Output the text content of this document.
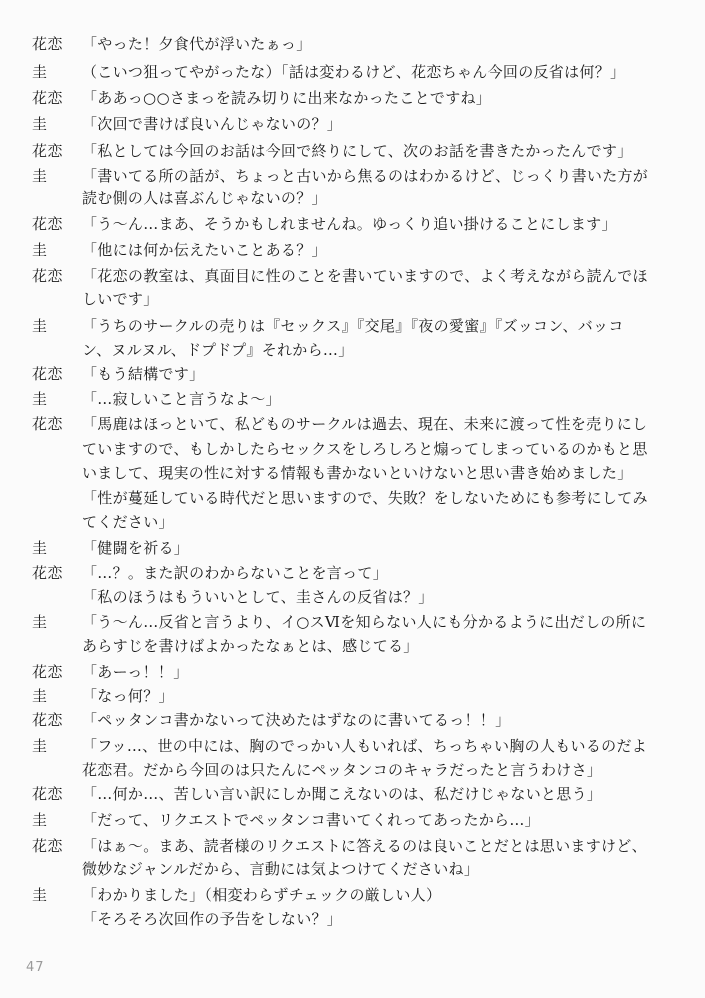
花恋	「やった！夕食代が浮いたぁっ」
圭	（こいつ狙ってやがったな）「話は変わるけど、花恋ちゃん今回の反省は何？」
花恋	「ああっ○○さまっを読み切りに出来なかったことですね」
圭	「次回で書けば良いんじゃないの？」
花恋	「私としては今回のお話は今回で終りにして、次のお話を書きたかったんです」
圭	「書いてる所の話が、ちょっと古いから焦るのはわかるけど、じっくり書いた方が
読む側の人は喜ぶんじゃないの？」
花恋	「う～ん…まあ、そうかもしれませんね。ゆっくり追い掛けることにします」
圭	「他には何か伝えたいことある？」
花恋	「花恋の教室は、真面目に性のことを書いていますので、よく考えながら読んでほ
しいです」
圭	「うちのサークルの売りは『セックス』『交尾』『夜の愛蜜』『ズッコン、バッコ
ン、ヌルヌル、ドプドプ』それから…」
花恋	「もう結構です」
圭	「…寂しいこと言うなよ～」
花恋	「馬鹿はほっといて、私どものサークルは過去、現在、未来に渡って性を売りにし
ていますので、もしかしたらセックスをしろしろと煽ってしまっているのかもと思
いまして、現実の性に対する情報も書かないといけないと思い書き始めました」
「性が蔓延している時代だと思いますので、失敗？をしないためにも参考にしてみ
てください」
圭	「健闘を祈る」
花恋	「…？。また訳のわからないことを言って」
「私のほうはもういいとして、圭さんの反省は？」
圭	「う～ん…反省と言うより、イ○スⅥを知らない人にも分かるように出だしの所に
あらすじを書けばよかったなぁとは、感じてる」
花恋	「あーっ！！」
圭	「なっ何？」
花恋	「ペッタンコ書かないって決めたはずなのに書いてるっ！！」
圭	「フッ…、世の中には、胸のでっかい人もいれば、ちっちゃい胸の人もいるのだよ
花恋君。だから今回のは只たんにペッタンコのキャラだったと言うわけさ」
花恋	「…何か…、苦しい言い訳にしか聞こえないのは、私だけじゃないと思う」
圭	「だって、リクエストでペッタンコ書いてくれってあったから…」
花恋	「はぁ～。まあ、読者様のリクエストに答えるのは良いことだとは思いますけど、
微妙なジャンルだから、言動には気よつけてくださいね」
圭	「わかりました」（相変わらずチェックの厳しい人）
「そろそろ次回作の予告をしない？」
47
